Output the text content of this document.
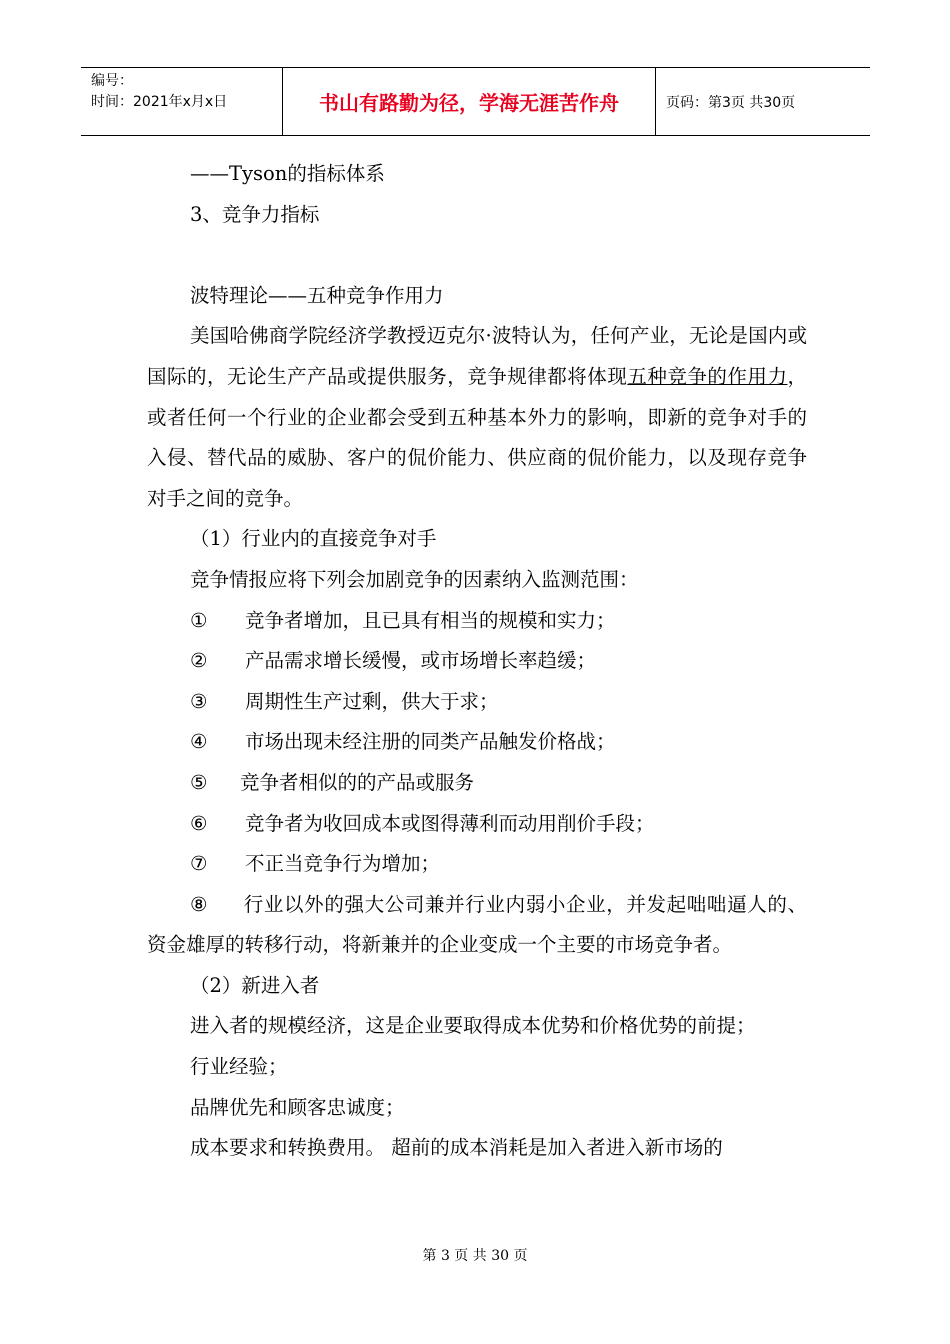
编号：
时间：2021年x月x日	书山有路勤为径，学海无涯苦作舟	页码：第3页 共30页

——Tyson的指标体系

3、竞争力指标

波特理论——五种竞争作用力

美国哈佛商学院经济学教授迈克尔·波特认为，任何产业，无论是国内或国际的，无论生产产品或提供服务，竞争规律都将体现五种竞争的作用力，或者任何一个行业的企业都会受到五种基本外力的影响，即新的竞争对手的入侵、替代品的威胁、客户的侃价能力、供应商的侃价能力，以及现存竞争对手之间的竞争。

（1）行业内的直接竞争对手

竞争情报应将下列会加剧竞争的因素纳入监测范围：

①	竞争者增加，且已具有相当的规模和实力；

②	产品需求增长缓慢，或市场增长率趋缓；

③	周期性生产过剩，供大于求；

④	市场出现未经注册的同类产品触发价格战；

⑤	竞争者相似的的产品或服务

⑥	竞争者为收回成本或图得薄利而动用削价手段；

⑦	不正当竞争行为增加；

⑧ 行业以外的强大公司兼并行业内弱小企业，并发起咄咄逼人的、资金雄厚的转移行动，将新兼并的企业变成一个主要的市场竞争者。

（2）新进入者

进入者的规模经济，这是企业要取得成本优势和价格优势的前提；

行业经验；

品牌优先和顾客忠诚度；

成本要求和转换费用。 超前的成本消耗是加入者进入新市场的

第 3 页 共 30 页
